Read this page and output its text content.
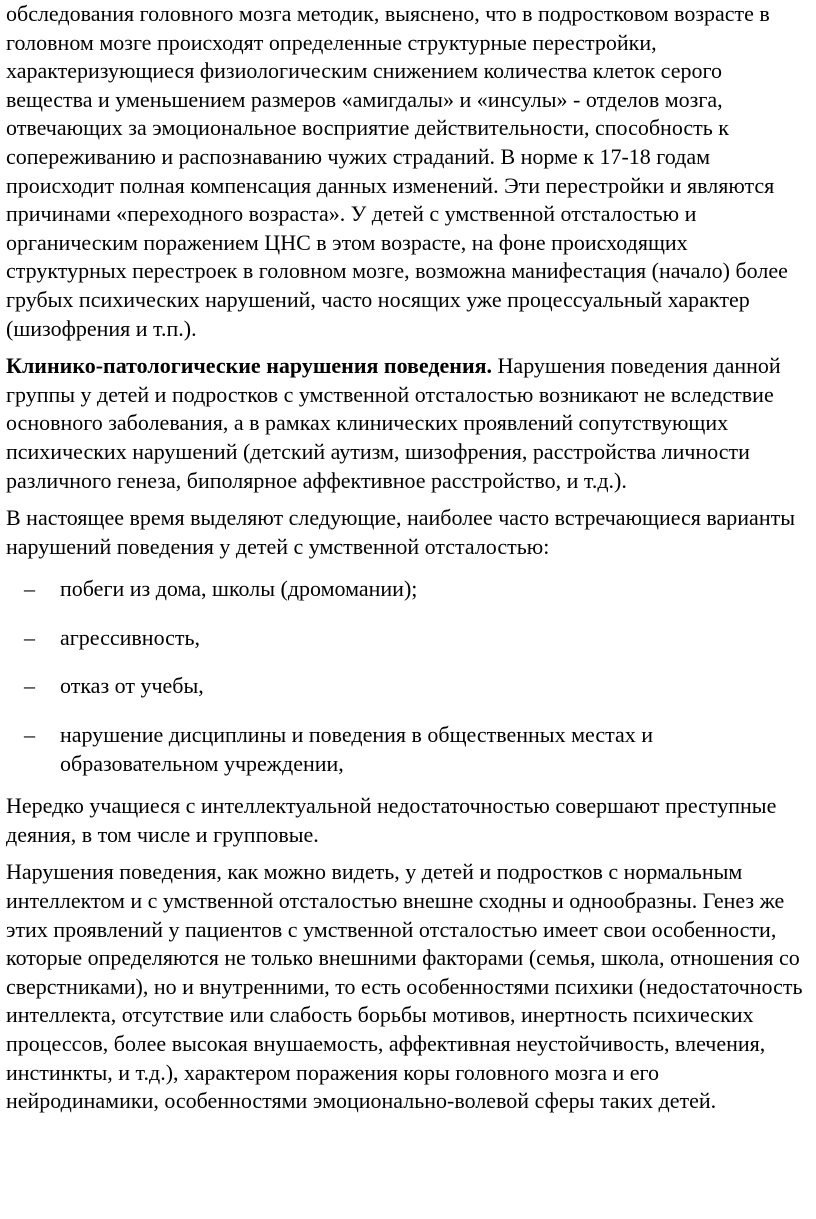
обследования головного мозга методик, выяснено, что в подростковом возрасте в головном мозге происходят определенные структурные перестройки, характеризующиеся физиологическим снижением количества клеток серого вещества и уменьшением размеров «амигдалы» и «инсулы» - отделов мозга, отвечающих за эмоциональное восприятие действительности, способность к сопереживанию и распознаванию чужих страданий. В норме к 17-18 годам происходит полная компенсация данных изменений. Эти перестройки и являются причинами «переходного возраста». У детей с умственной отсталостью и органическим поражением ЦНС в этом возрасте, на фоне происходящих структурных перестроек в головном мозге, возможна манифестация (начало) более грубых психических нарушений, часто носящих уже процессуальный характер (шизофрения и т.п.).

Клинико-патологические нарушения поведения. Нарушения поведения данной группы у детей и подростков с умственной отсталостью возникают не вследствие основного заболевания, а в рамках клинических проявлений сопутствующих психических нарушений (детский аутизм, шизофрения, расстройства личности различного генеза, биполярное аффективное расстройство, и т.д.).

В настоящее время выделяют следующие, наиболее часто встречающиеся варианты нарушений поведения у детей с умственной отсталостью:

– побеги из дома, школы (дромомании);
– агрессивность,
– отказ от учебы,
– нарушение дисциплины и поведения в общественных местах и образовательном учреждении,

Нередко учащиеся с интеллектуальной недостаточностью совершают преступные деяния, в том числе и групповые.

Нарушения поведения, как можно видеть, у детей и подростков с нормальным интеллектом и с умственной отсталостью внешне сходны и однообразны. Генез же этих проявлений у пациентов с умственной отсталостью имеет свои особенности, которые определяются не только внешними факторами (семья, школа, отношения со сверстниками), но и внутренними, то есть особенностями психики (недостаточность интеллекта, отсутствие или слабость борьбы мотивов, инертность психических процессов, более высокая внушаемость, аффективная неустойчивость, влечения, инстинкты, и т.д.), характером поражения коры головного мозга и его нейродинамики, особенностями эмоционально-волевой сферы таких детей.
